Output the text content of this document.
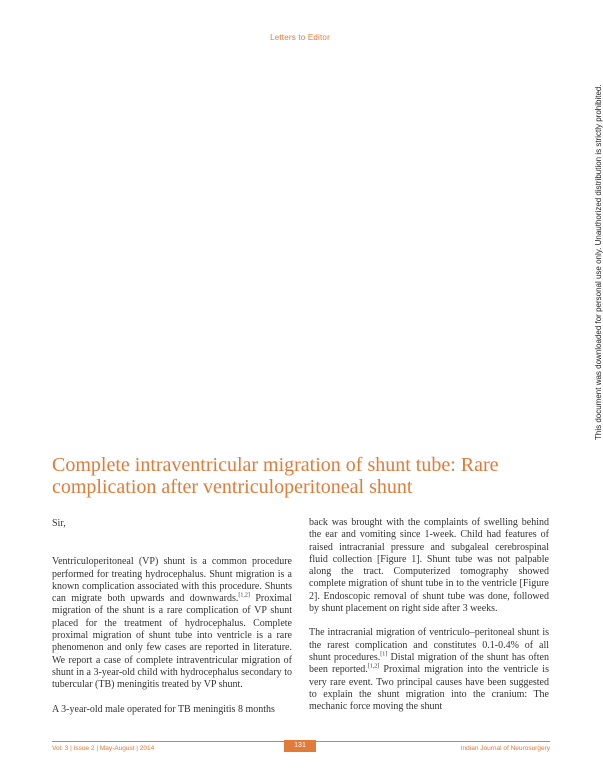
Letters to Editor
This document was downloaded for personal use only. Unauthorized distribution is strictly prohibited.
Complete intraventricular migration of shunt tube: Rare complication after ventriculoperitoneal shunt

Sir,

Ventriculoperitoneal (VP) shunt is a common procedure performed for treating hydrocephalus. Shunt migration is a known complication associated with this procedure. Shunts can migrate both upwards and downwards.[1,2] Proximal migration of the shunt is a rare complication of VP shunt placed for the treatment of hydrocephalus. Complete proximal migration of shunt tube into ventricle is a rare phenomenon and only few cases are reported in literature. We report a case of complete intraventricular migration of shunt in a 3-year-old child with hydrocephalus secondary to tubercular (TB) meningitis treated by VP shunt.

A 3-year-old male operated for TB meningitis 8 months

back was brought with the complaints of swelling behind the ear and vomiting since 1-week. Child had features of raised intracranial pressure and subgaleal cerebrospinal fluid collection [Figure 1]. Shunt tube was not palpable along the tract. Computerized tomography showed complete migration of shunt tube in to the ventricle [Figure 2]. Endoscopic removal of shunt tube was done, followed by shunt placement on right side after 3 weeks.

The intracranial migration of ventriculo–peritoneal shunt is the rarest complication and constitutes 0.1-0.4% of all shunt procedures.[1] Distal migration of the shunt has often been reported.[1,2] Proximal migration into the ventricle is very rare event. Two principal causes have been suggested to explain the shunt migration into the cranium: The mechanic force moving the shunt

Vol. 3 | Issue 2 | May-August | 2014	131	Indian Journal of Neurosurgery
